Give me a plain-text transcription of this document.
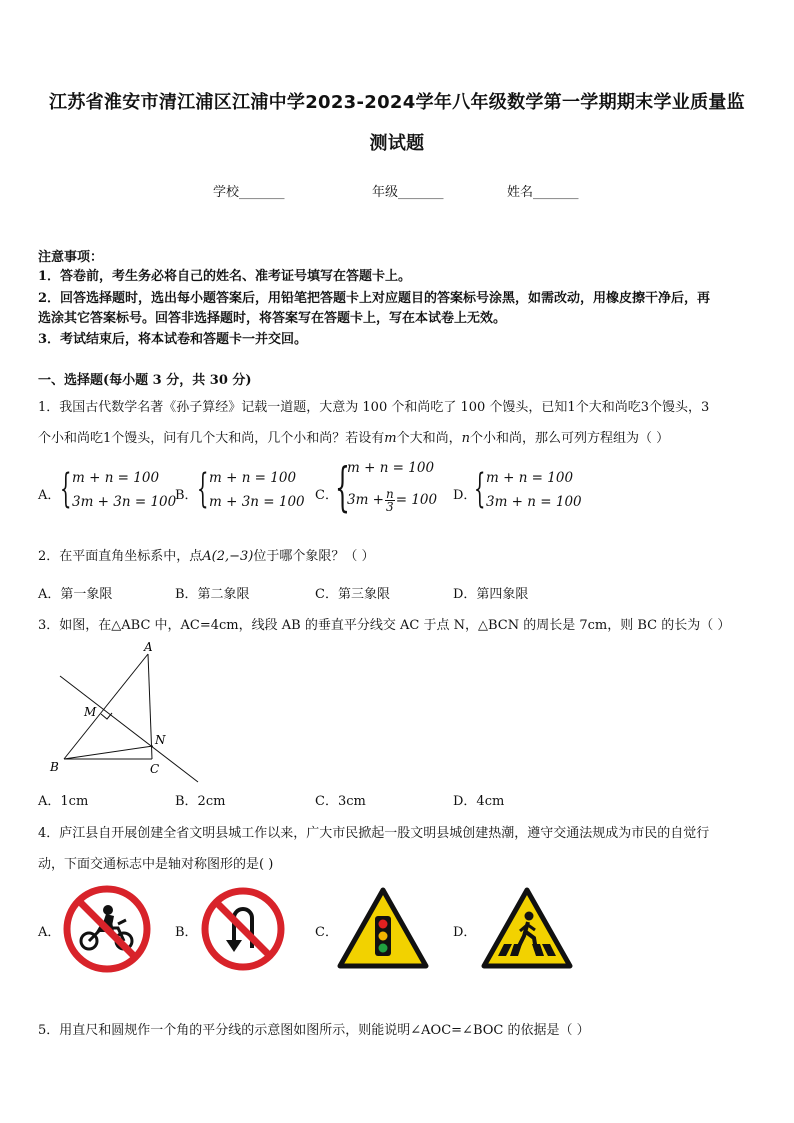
江苏省淮安市清江浦区江浦中学2023-2024学年八年级数学第一学期期末学业质量监
测试题
学校_______	年级_______	姓名_______
注意事项：
1．答卷前，考生务必将自己的姓名、准考证号填写在答题卡上。
2．回答选择题时，选出每小题答案后，用铅笔把答题卡上对应题目的答案标号涂黑，如需改动，用橡皮擦干净后，再
选涂其它答案标号。回答非选择题时，将答案写在答题卡上，写在本试卷上无效。
3．考试结束后，将本试卷和答题卡一并交回。
一、选择题(每小题 3 分，共 30 分)
1．我国古代数学名著《孙子算经》记载一道题，大意为 100 个和尚吃了 100 个馒头，已知1个大和尚吃3个馒头，3
个小和尚吃1个馒头，问有几个大和尚，几个小和尚？若设有m个大和尚，n个小和尚，那么可列方程组为（ ）
A． { m + n = 100
3m + 3n = 100
B． { m + n = 100
m + 3n = 100 C．
{
m + n = 100
$3m + \frac{n}{3} = 100$ D．
{ m + n = 100
3m + n = 100
2．在平面直角坐标系中，点A(2,−3)位于哪个象限？（ ）
A．第一象限	B．第二象限	C．第三象限	D．第四象限
3．如图，在△ABC 中，AC=4cm，线段 AB 的垂直平分线交 AC 于点 N，△BCN 的周长是 7cm，则 BC 的长为（ ）
A
B	C
M
N
A．1cm	B．2cm	C．3cm	D．4cm
4．庐江县自开展创建全省文明县城工作以来，广大市民掀起一股文明县城创建热潮，遵守交通法规成为市民的自觉行
动，下面交通标志中是轴对称图形的是( )
A．	B．	C．	D．
5．用直尺和圆规作一个角的平分线的示意图如图所示，则能说明∠AOC=∠BOC 的依据是（ ）
